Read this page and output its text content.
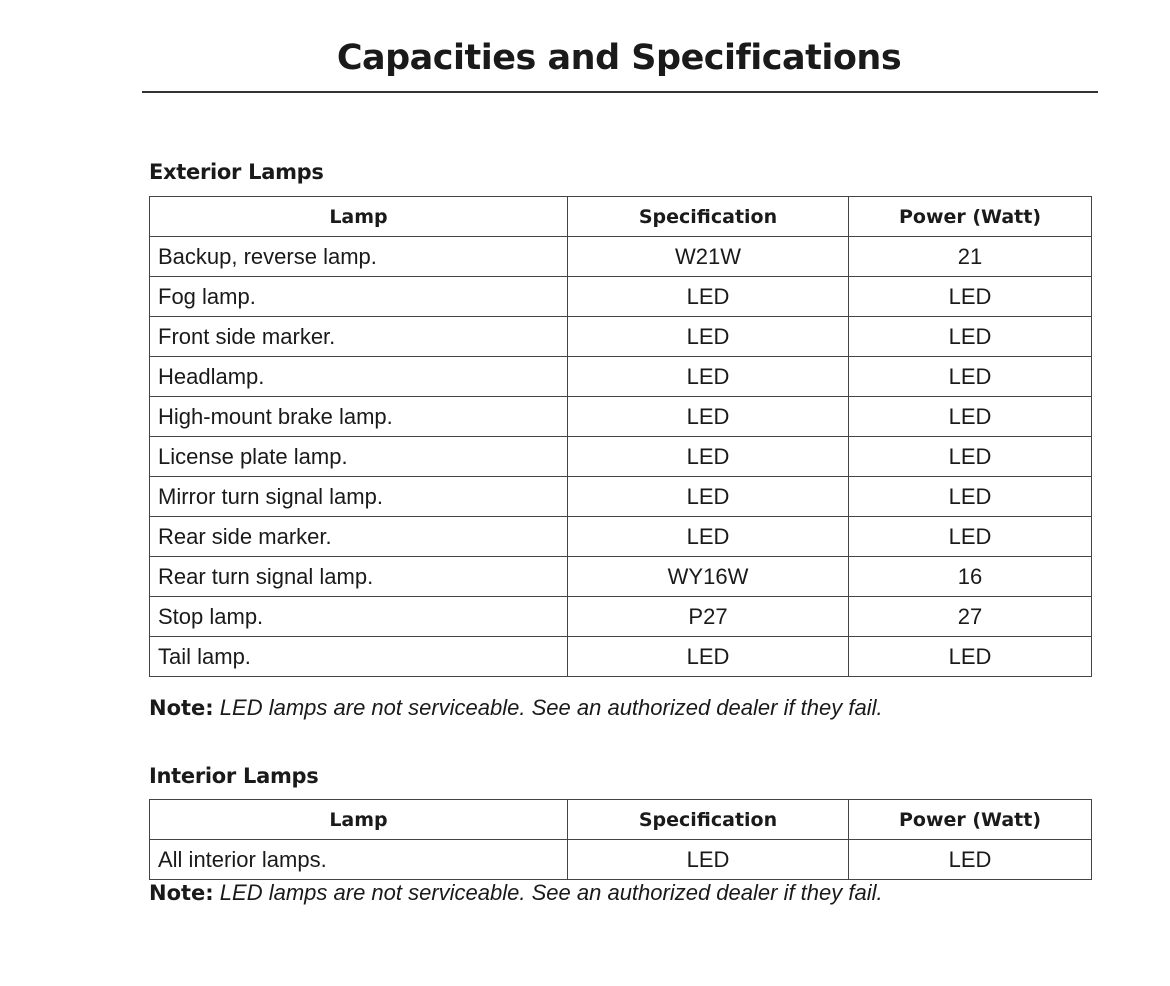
Capacities and Specifications
Exterior Lamps
Lamp	Specification	Power (Watt)
Backup, reverse lamp.	W21W	21
Fog lamp.	LED	LED
Front side marker.	LED	LED
Headlamp.	LED	LED
High-mount brake lamp.	LED	LED
License plate lamp.	LED	LED
Mirror turn signal lamp.	LED	LED
Rear side marker.	LED	LED
Rear turn signal lamp.	WY16W	16
Stop lamp.	P27	27
Tail lamp.	LED	LED

Note: LED lamps are not serviceable. See an authorized dealer if they fail.

Interior Lamps
Lamp	Specification	Power (Watt)
All interior lamps.	LED	LED

Note: LED lamps are not serviceable. See an authorized dealer if they fail.
